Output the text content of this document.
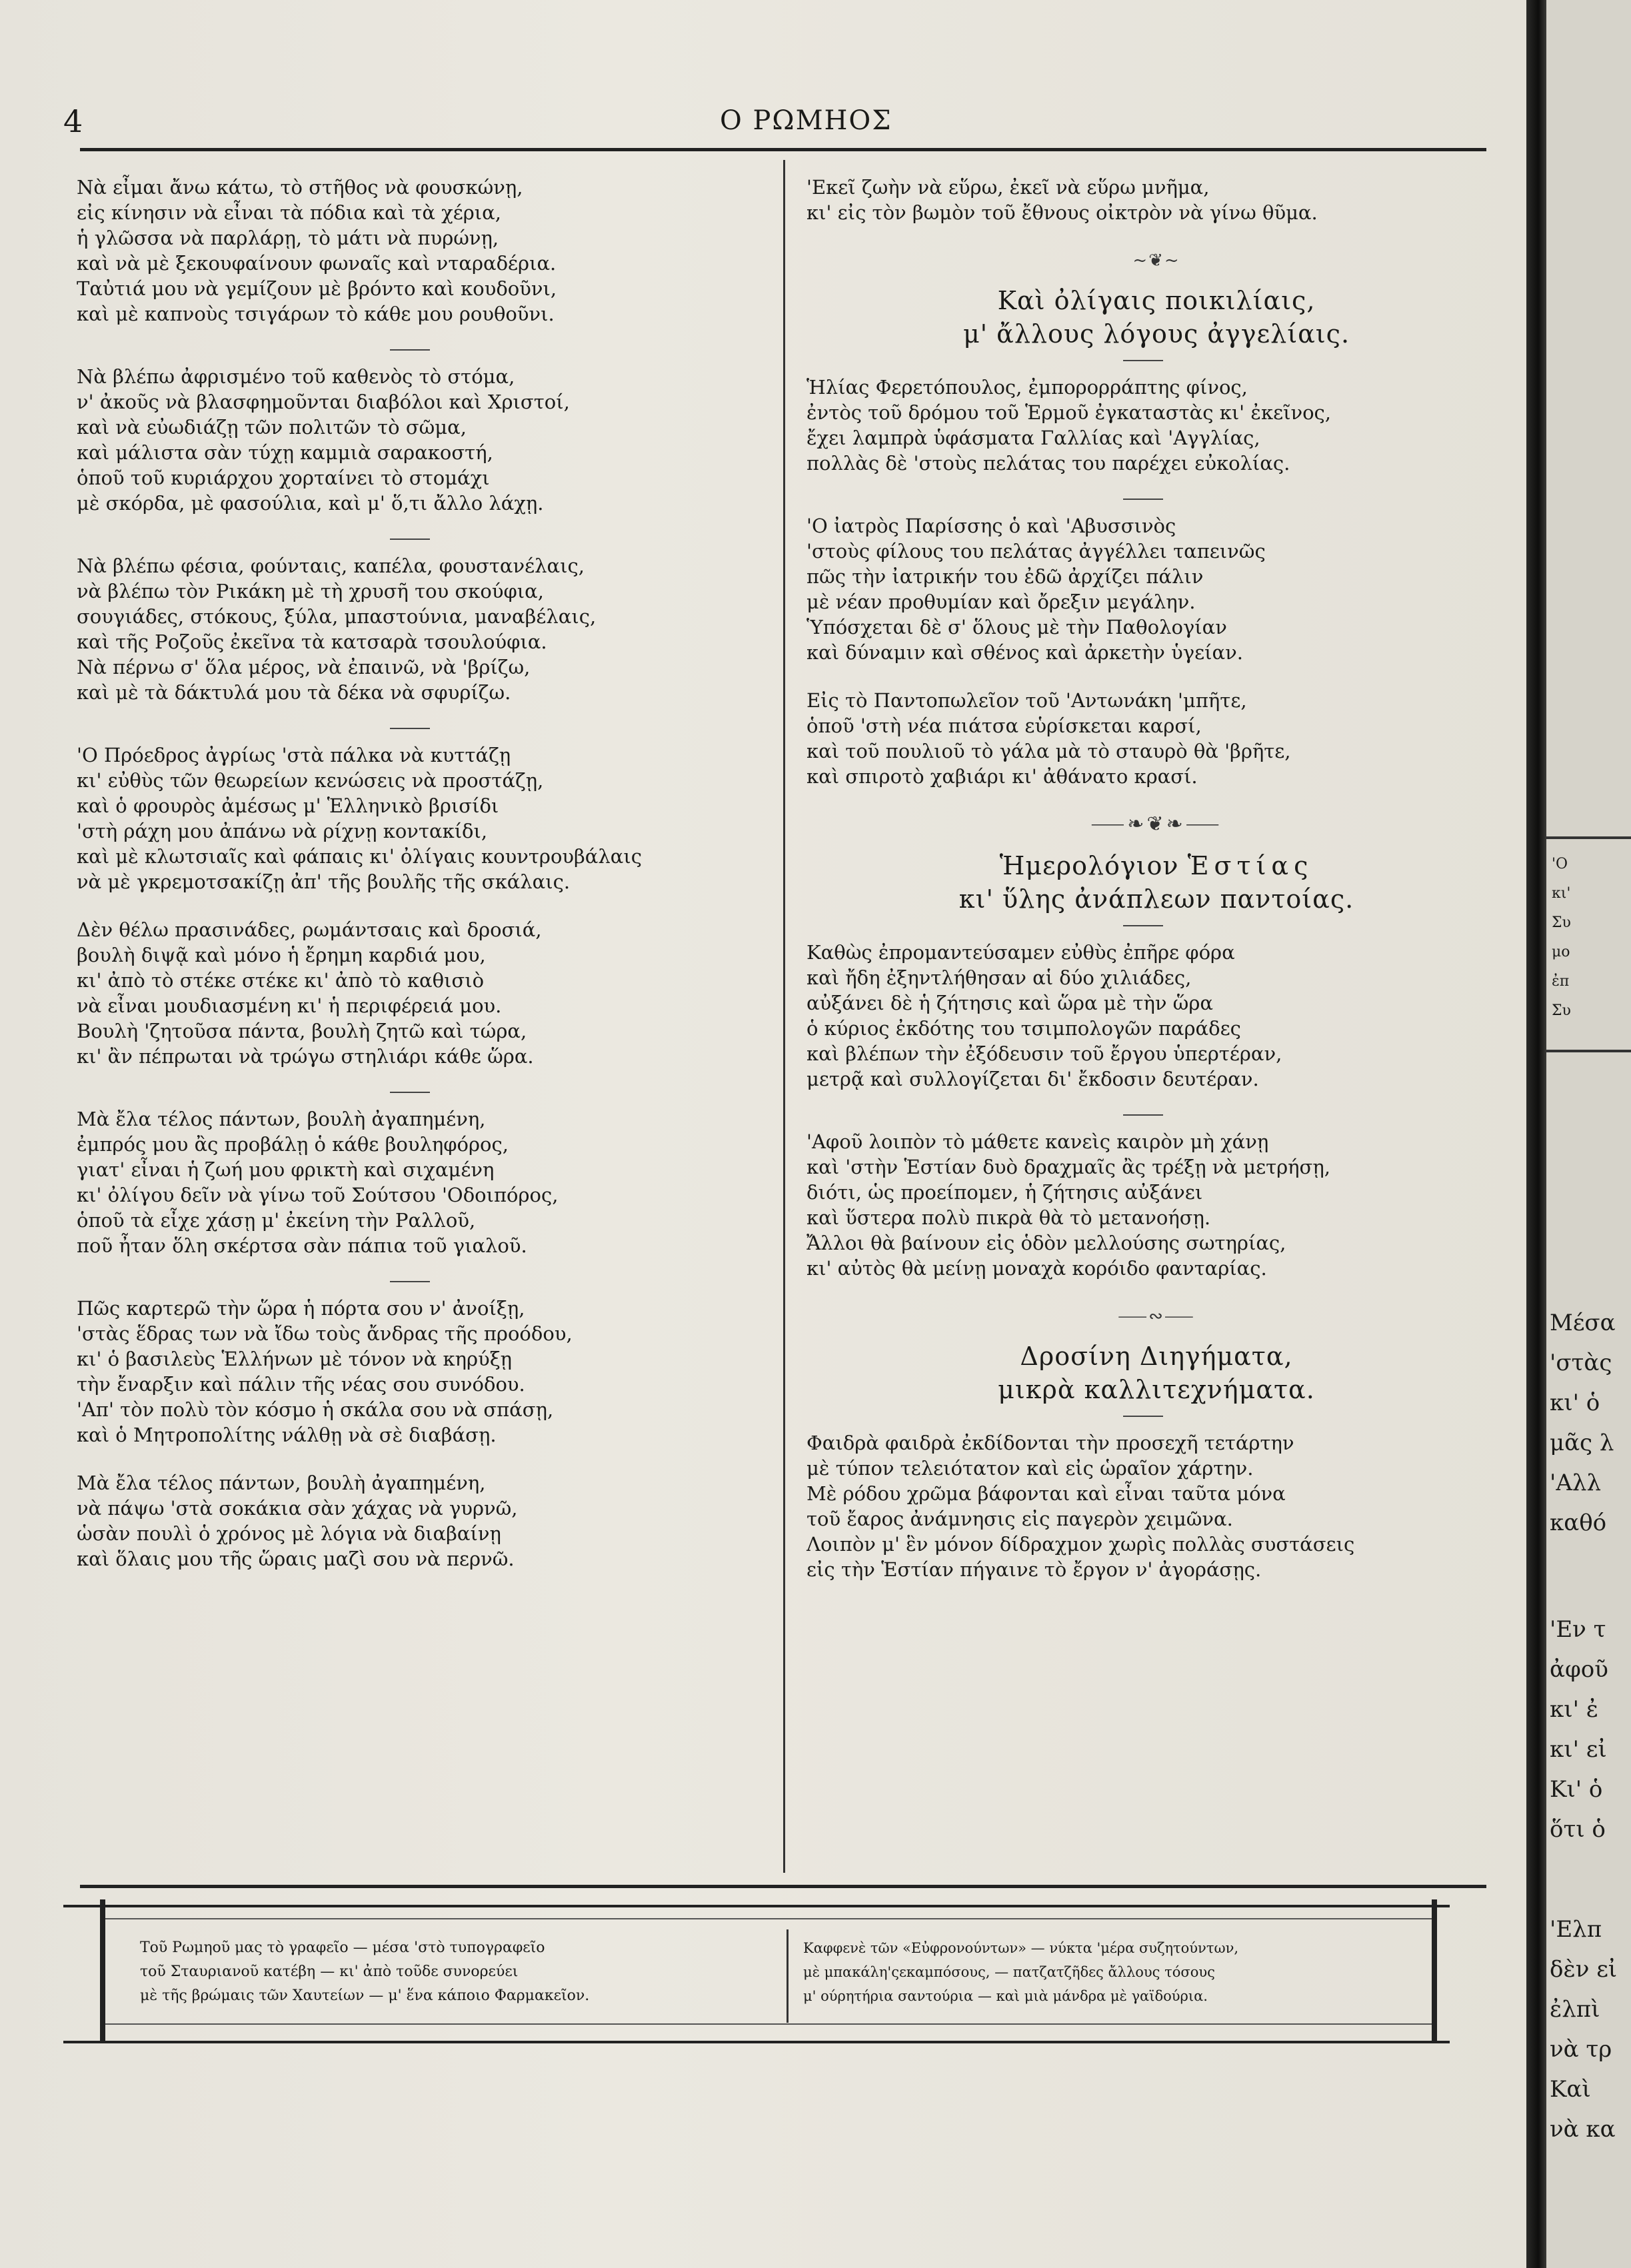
4	Ο ΡΩΜΗΟΣ
Νὰ εἶμαι ἄνω κάτω, τὸ στῆθος νὰ φουσκώνῃ,
εἰς κίνησιν νὰ εἶναι τὰ πόδια καὶ τὰ χέρια,
ἡ γλῶσσα νὰ παρλάρῃ, τὸ μάτι νὰ πυρώνῃ,
καὶ νὰ μὲ ξεκουφαίνουν φωναῖς καὶ νταραδέρια.
Ταὐτιά μου νὰ γεμίζουν μὲ βρόντο καὶ κουδοῦνι,
καὶ μὲ καπνοὺς τσιγάρων τὸ κάθε μου ρουθοῦνι.
Νὰ βλέπω ἀφρισμένο τοῦ καθενὸς τὸ στόμα,
ν' ἀκοῦς νὰ βλασφημοῦνται διαβόλοι καὶ Χριστοί,
καὶ νὰ εὐωδιάζῃ τῶν πολιτῶν τὸ σῶμα,
καὶ μάλιστα σὰν τύχῃ καμμιὰ σαρακοστή,
ὁποῦ τοῦ κυριάρχου χορταίνει τὸ στομάχι
μὲ σκόρδα, μὲ φασούλια, καὶ μ' ὅ,τι ἄλλο λάχῃ.
Νὰ βλέπω φέσια, φούνταις, καπέλα, φουστανέλαις,
νὰ βλέπω τὸν Ρικάκη μὲ τὴ χρυσῆ του σκούφια,
σουγιάδες, στόκους, ξύλα, μπαστούνια, μαναβέλαις,
καὶ τῆς Ροζοῦς ἐκεῖνα τὰ κατσαρὰ τσουλούφια.
Νὰ πέρνω σ' ὅλα μέρος, νὰ ἐπαινῶ, νὰ 'βρίζω,
καὶ μὲ τὰ δάκτυλά μου τὰ δέκα νὰ σφυρίζω.
'Ο Πρόεδρος ἀγρίως 'στὰ πάλκα νὰ κυττάζῃ
κι' εὐθὺς τῶν θεωρείων κενώσεις νὰ προστάζῃ,
καὶ ὁ φρουρὸς ἀμέσως μ' Ἑλληνικὸ βρισίδι
'στὴ ράχη μου ἀπάνω νὰ ρίχνῃ κοντακίδι,
καὶ μὲ κλωτσιαῖς καὶ φάπαις κι' ὀλίγαις κουντρουβάλαις
νὰ μὲ γκρεμοτσακίζῃ ἀπ' τῆς βουλῆς τῆς σκάλαις.
Δὲν θέλω πρασινάδες, ρωμάντσαις καὶ δροσιά,
βουλὴ διψᾷ καὶ μόνο ἡ ἔρημη καρδιά μου,
κι' ἀπὸ τὸ στέκε στέκε κι' ἀπὸ τὸ καθισιὸ
νὰ εἶναι μουδιασμένη κι' ἡ περιφέρειά μου.
Βουλὴ 'ζητοῦσα πάντα, βουλὴ ζητῶ καὶ τώρα,
κι' ἂν πέπρωται νὰ τρώγω στηλιάρι κάθε ὥρα.
Μὰ ἔλα τέλος πάντων, βουλὴ ἀγαπημένη,
ἐμπρός μου ἂς προβάλῃ ὁ κάθε βουληφόρος,
γιατ' εἶναι ἡ ζωή μου φρικτὴ καὶ σιχαμένη
κι' ὀλίγου δεῖν νὰ γίνω τοῦ Σούτσου 'Οδοιπόρος,
ὁποῦ τὰ εἶχε χάσῃ μ' ἐκείνη τὴν Ραλλοῦ,
ποῦ ἦταν ὅλη σκέρτσα σὰν πάπια τοῦ γιαλοῦ.
Πῶς καρτερῶ τὴν ὥρα ἡ πόρτα σου ν' ἀνοίξῃ,
'στὰς ἕδρας των νὰ ἴδω τοὺς ἄνδρας τῆς προόδου,
κι' ὁ βασιλεὺς Ἑλλήνων μὲ τόνον νὰ κηρύξῃ
τὴν ἔναρξιν καὶ πάλιν τῆς νέας σου συνόδου.
'Απ' τὸν πολὺ τὸν κόσμο ἡ σκάλα σου νὰ σπάσῃ,
καὶ ὁ Μητροπολίτης νάλθῃ νὰ σὲ διαβάσῃ.
Μὰ ἔλα τέλος πάντων, βουλὴ ἀγαπημένη,
νὰ πάψω 'στὰ σοκάκια σὰν χάχας νὰ γυρνῶ,
ὡσὰν πουλὶ ὁ χρόνος μὲ λόγια νὰ διαβαίνῃ
καὶ ὅλαις μου τῆς ὥραις μαζὶ σου νὰ περνῶ.
'Εκεῖ ζωὴν νὰ εὕρω, ἐκεῖ νὰ εὕρω μνῆμα,
κι' εἰς τὸν βωμὸν τοῦ ἔθνους οἰκτρὸν νὰ γίνω θῦμα.
~❦~
Καὶ ὀλίγαις ποικιλίαις,
μ' ἄλλους λόγους ἀγγελίαις.
Ἡλίας Φερετόπουλος, ἐμπορορράπτης φίνος,
ἐντὸς τοῦ δρόμου τοῦ Ἑρμοῦ ἐγκαταστὰς κι' ἐκεῖνος,
ἔχει λαμπρὰ ὑφάσματα Γαλλίας καὶ 'Αγγλίας,
πολλὰς δὲ 'στοὺς πελάτας του παρέχει εὐκολίας.
'Ο ἰατρὸς Παρίσσης ὁ καὶ 'Αβυσσινὸς
'στοὺς φίλους του πελάτας ἀγγέλλει ταπεινῶς
πῶς τὴν ἰατρικήν του ἐδῶ ἀρχίζει πάλιν
μὲ νέαν προθυμίαν καὶ ὄρεξιν μεγάλην.
Ὑπόσχεται δὲ σ' ὅλους μὲ τὴν Παθολογίαν
καὶ δύναμιν καὶ σθένος καὶ ἀρκετὴν ὑγείαν.
Εἰς τὸ Παντοπωλεῖον τοῦ 'Αντωνάκη 'μπῆτε,
ὁποῦ 'στὴ νέα πιάτσα εὑρίσκεται καρσί,
καὶ τοῦ πουλιοῦ τὸ γάλα μὰ τὸ σταυρὸ θὰ 'βρῆτε,
καὶ σπιροτὸ χαβιάρι κι' ἀθάνατο κρασί.
⸺❧❦❧⸺
Ἡμερολόγιον Ἑστίας
κι' ὕλης ἀνάπλεων παντοίας.
Καθὼς ἐπρομαντεύσαμεν εὐθὺς ἐπῆρε φόρα
καὶ ἤδη ἐξηντλήθησαν αἱ δύο χιλιάδες,
αὐξάνει δὲ ἡ ζήτησις καὶ ὥρα μὲ τὴν ὥρα
ὁ κύριος ἐκδότης του τσιμπολογῶν παράδες
καὶ βλέπων τὴν ἐξόδευσιν τοῦ ἔργου ὑπερτέραν,
μετρᾷ καὶ συλλογίζεται δι' ἔκδοσιν δευτέραν.
'Αφοῦ λοιπὸν τὸ μάθετε κανεὶς καιρὸν μὴ χάνῃ
καὶ 'στὴν Ἑστίαν δυὸ δραχμαῖς ἂς τρέξῃ νὰ μετρήσῃ,
διότι, ὡς προείπομεν, ἡ ζήτησις αὐξάνει
καὶ ὕστερα πολὺ πικρὰ θὰ τὸ μετανοήσῃ.
Ἄλλοι θὰ βαίνουν εἰς ὁδὸν μελλούσης σωτηρίας,
κι' αὐτὸς θὰ μείνῃ μοναχὰ κορόιδο φανταρίας.
⸺∾⸺
Δροσίνη Διηγήματα,
μικρὰ καλλιτεχνήματα.
Φαιδρὰ φαιδρὰ ἐκδίδονται τὴν προσεχῆ τετάρτην
μὲ τύπον τελειότατον καὶ εἰς ὡραῖον χάρτην.
Μὲ ρόδου χρῶμα βάφονται καὶ εἶναι ταῦτα μόνα
τοῦ ἔαρος ἀνάμνησις εἰς παγερὸν χειμῶνα.
Λοιπὸν μ' ἓν μόνον δίδραχμον χωρὶς πολλὰς συστάσεις
εἰς τὴν Ἑστίαν πήγαινε τὸ ἔργον ν' ἀγοράσῃς.
Τοῦ Ρωμηοῦ μας τὸ γραφεῖο — μέσα 'στὸ τυπογραφεῖο
τοῦ Σταυριανοῦ κατέβη — κι' ἀπὸ τοῦδε συνορεύει
μὲ τῆς βρώμαις τῶν Χαυτείων — μ' ἕνα κάποιο Φαρμακεῖον.
Καφφενὲ τῶν «Εὐφρονούντων» — νύκτα 'μέρα συζητούντων,
μὲ μπακάλη'ςεκαμπόσους, — πατζατζῆδες ἄλλους τόσους
μ' ούρητήρια σαντούρια — καὶ μιὰ μάνδρα μὲ γαϊδούρια.
'Ο
κι'
Συ
μο
ἐπ
Συ
Μέσα
'στὰς
κι' ὁ
μᾶς λ
'Αλλ
καθό
'Εν τ
ἀφοῦ
κι' ἐ
κι' εἰ
Κι' ὁ
ὅτι ὁ
'Ελπ
δὲν εἰ
ἐλπὶ
νὰ τρ
Καὶ
νὰ κα
